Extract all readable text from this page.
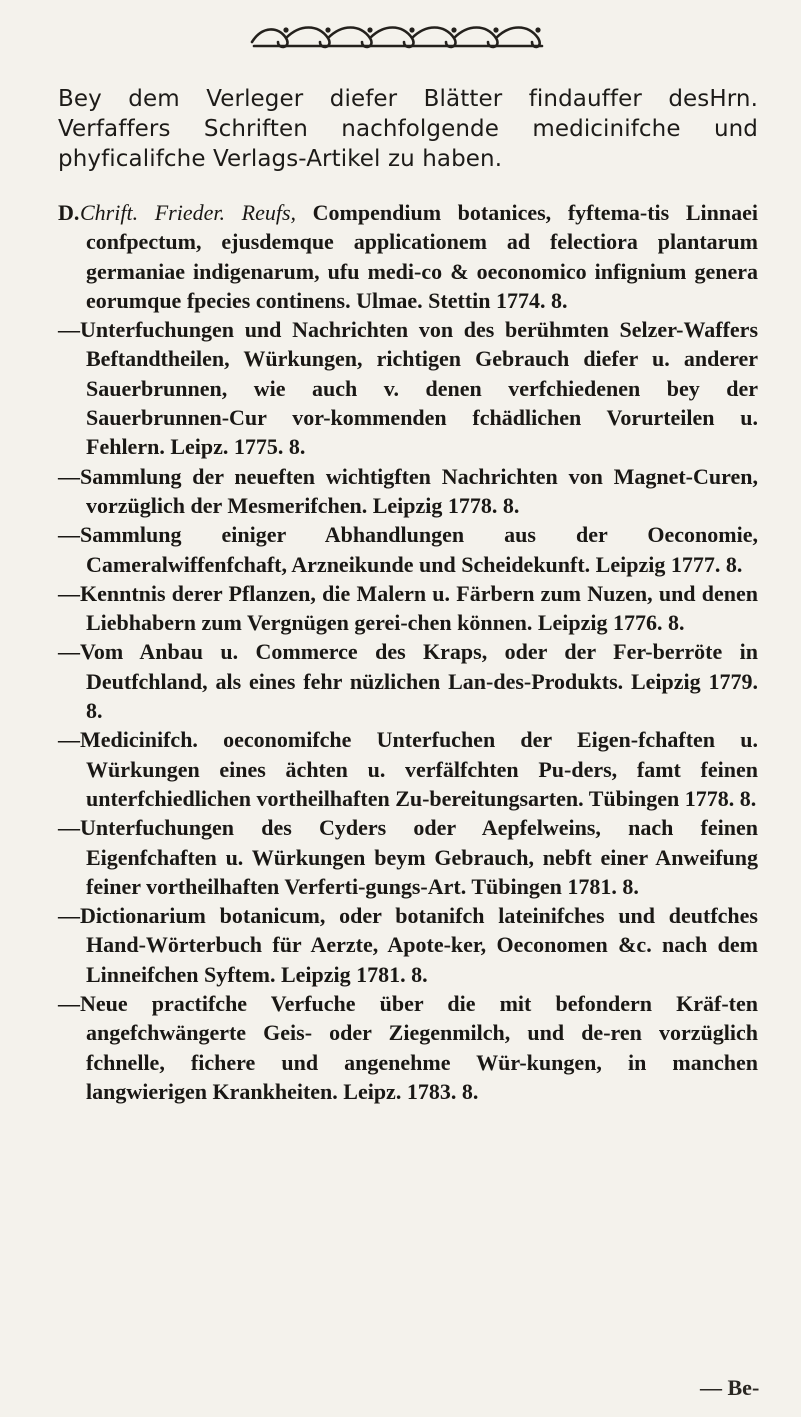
Bey dem Verleger diefer Blätter findauffer desHrn. Verfaffers Schriften nachfolgende medicinifche und phyficalifche Verlags-Artikel zu haben.

D.Chrift. Frieder. Reufs, Compendium botanices, fyftema-tis Linnaei confpectum, ejusdemque applicationem ad felectiora plantarum germaniae indigenarum, ufu medi-co & oeconomico infignium genera eorumque fpecies continens. Ulmae. Stettin 1774. 8.

—Unterfuchungen und Nachrichten von des berühmten Selzer-Waffers Beftandtheilen, Würkungen, richtigen Gebrauch diefer u. anderer Sauerbrunnen, wie auch v. denen verfchiedenen bey der Sauerbrunnen-Cur vor-kommenden fchädlichen Vorurteilen u. Fehlern. Leipz. 1775. 8.

—Sammlung der neueften wichtigften Nachrichten von Magnet-Curen, vorzüglich der Mesmerifchen. Leipzig 1778. 8.

—Sammlung einiger Abhandlungen aus der Oeconomie, Cameralwiffenfchaft, Arzneikunde und Scheidekunft. Leipzig 1777. 8.

—Kenntnis derer Pflanzen, die Malern u. Färbern zum Nuzen, und denen Liebhabern zum Vergnügen gerei-chen können. Leipzig 1776. 8.

—Vom Anbau u. Commerce des Kraps, oder der Fer-berröte in Deutfchland, als eines fehr nüzlichen Lan-des-Produkts. Leipzig 1779. 8.

—Medicinifch. oeconomifche Unterfuchen der Eigen-fchaften u. Würkungen eines ächten u. verfälfchten Pu-ders, famt feinen unterfchiedlichen vortheilhaften Zu-bereitungsarten. Tübingen 1778. 8.

—Unterfuchungen des Cyders oder Aepfelweins, nach feinen Eigenfchaften u. Würkungen beym Gebrauch, nebft einer Anweifung feiner vortheilhaften Verferti-gungs-Art. Tübingen 1781. 8.

—Dictionarium botanicum, oder botanifch lateinifches und deutfches Hand-Wörterbuch für Aerzte, Apote-ker, Oeconomen &c. nach dem Linneifchen Syftem. Leipzig 1781. 8.

—Neue practifche Verfuche über die mit befondern Kräf-ten angefchwängerte Geis- oder Ziegenmilch, und de-ren vorzüglich fchnelle, fichere und angenehme Wür-kungen, in manchen langwierigen Krankheiten. Leipz. 1783. 8.

— Be-
